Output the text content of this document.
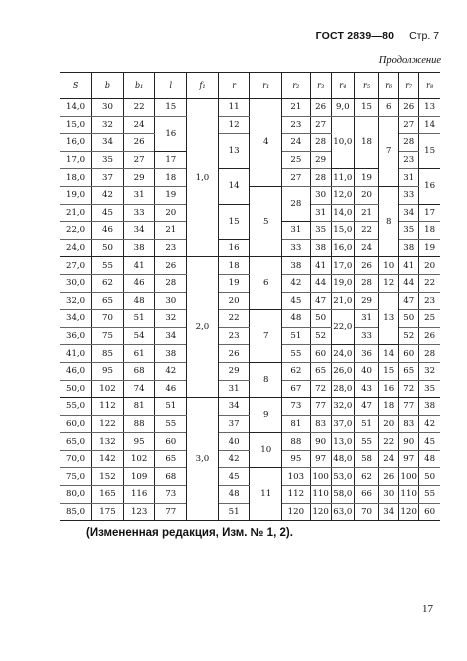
ГОСТ 2839—80 Стр. 7
Продолжение
S	b	b₁	l	f₁	r	r₁	r₂	r₃	r₄	r₅	r₆	r₇	r₈
14,0	30	22	15	1,0	11	4	21	26	9,0	15	6	26	13
15,0	32	24	16		12		23	27	10,0	18	7	27	14
16,0	34	26			13		24	28				28	15
17,0	35	27	17				25	29				23	
18,0	37	29	18		14		27	28	11,0	19		31	16
19,0	42	31	19			5	28	30	12,0	20	8	33	
21,0	45	33	20		15			31	14,0	21		34	17
22,0	46	34	21				31	35	15,0	22		35	18
24,0	50	38	23		16		33	38	16,0	24		38	19
27,0	55	41	26	2,0	18	6	38	41	17,0	26	10	41	20
30,0	62	46	28		19		42	44	19,0	28	12	44	22
32,0	65	48	30		20		45	47	21,0	29	13	47	23
34,0	70	51	32		22	7	48	50	22,0	31		50	25
36,0	75	54	34		23		51	52		33		52	26
41,0	85	61	38		26		55	60	24,0	36	14	60	28
46,0	95	68	42		29	8	62	65	26,0	40	15	65	32
50,0	102	74	46		31		67	72	28,0	43	16	72	35
55,0	112	81	51	3,0	34	9	73	77	32,0	47	18	77	38
60,0	122	88	55		37		81	83	37,0	51	20	83	42
65,0	132	95	60		40	10	88	90	13,0	55	22	90	45
70,0	142	102	65		42		95	97	48,0	58	24	97	48
75,0	152	109	68		45	11	103	100	53,0	62	26	100	50
80,0	165	116	73		48		112	110	58,0	66	30	110	55
85,0	175	123	77		51		120	120	63,0	70	34	120	60
(Измененная редакция, Изм. № 1, 2).
17
